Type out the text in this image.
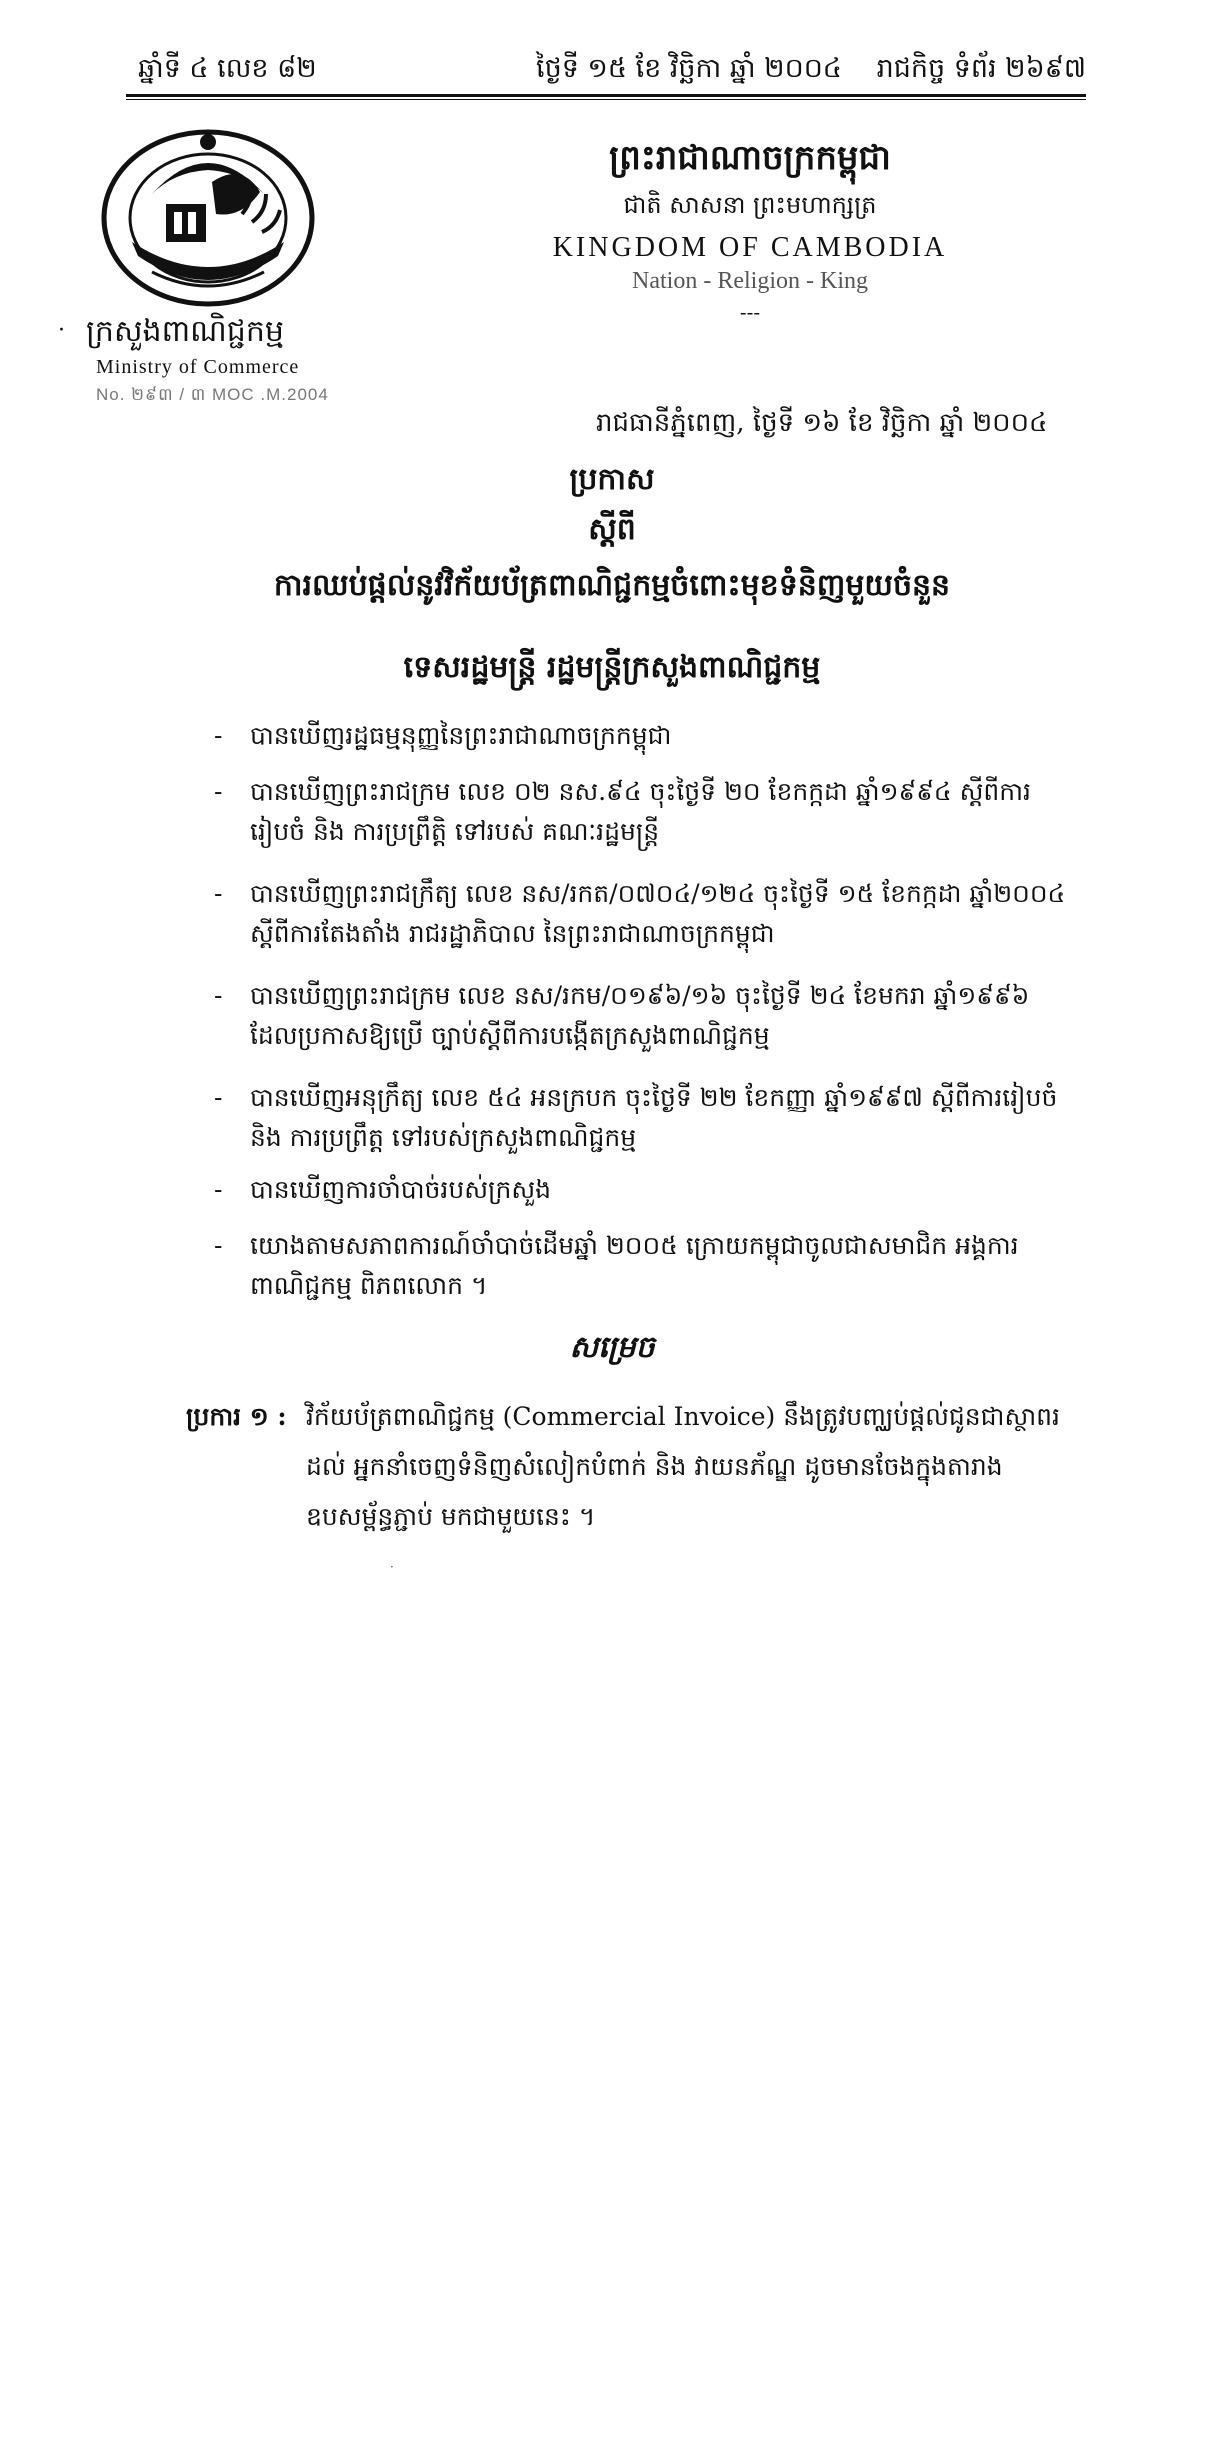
ឆ្នាំទី ៤ លេខ ៨២	ថ្ងៃទី ១៥ ខែ វិច្ឆិកា ឆ្នាំ ២០០៤ រាជកិច្ច ទំព័រ ២៦៩៧
· ក្រសួងពាណិជ្ជកម្ម
Ministry of Commerce
No. ២៩៣ / ៣ MOC .M.2004
ព្រះរាជាណាចក្រកម្ពុជា
ជាតិ សាសនា ព្រះមហាក្សត្រ
KINGDOM OF CAMBODIA
Nation - Religion - King
---
រាជធានីភ្នំពេញ, ថ្ងៃទី ១៦ ខែ វិច្ឆិកា ឆ្នាំ ២០០៤
ប្រកាស
ស្តីពី
ការឈប់ផ្តល់នូវវិក័យប័ត្រពាណិជ្ជកម្មចំពោះមុខទំនិញមួយចំនួន
ទេសរដ្ឋមន្ត្រី រដ្ឋមន្ត្រីក្រសួងពាណិជ្ជកម្ម
- បានឃើញរដ្ឋធម្មនុញ្ញនៃព្រះរាជាណាចក្រកម្ពុជា
- បានឃើញព្រះរាជក្រម លេខ ០២ នស.៩៤ ចុះថ្ងៃទី ២០ ខែកក្កដា ឆ្នាំ១៩៩៤ ស្តីពីការរៀបចំ និង ការប្រព្រឹត្តិ ទៅរបស់ គណៈរដ្ឋមន្ត្រី
- បានឃើញព្រះរាជក្រឹត្យ លេខ នស/រកត/០៧០៤/១២៤ ចុះថ្ងៃទី ១៥ ខែកក្កដា ឆ្នាំ២០០៤ ស្តីពីការតែងតាំង រាជរដ្ឋាភិបាល នៃព្រះរាជាណាចក្រកម្ពុជា
- បានឃើញព្រះរាជក្រម លេខ នស/រកម/០១៩៦/១៦ ចុះថ្ងៃទី ២៤ ខែមករា ឆ្នាំ១៩៩៦ ដែលប្រកាសឱ្យប្រើ ច្បាប់ស្តីពីការបង្កើតក្រសួងពាណិជ្ជកម្ម
- បានឃើញអនុក្រឹត្យ លេខ ៥៤ អនក្របក ចុះថ្ងៃទី ២២ ខែកញ្ញា ឆ្នាំ១៩៩៧ ស្តីពីការរៀបចំ និង ការប្រព្រឹត្ត ទៅរបស់ក្រសួងពាណិជ្ជកម្ម
- បានឃើញការចាំបាច់របស់ក្រសួង
- យោងតាមសភាពការណ៍ចាំបាច់ដើមឆ្នាំ ២០០៥ ក្រោយកម្ពុជាចូលជាសមាជិក អង្គការពាណិជ្ជកម្ម ពិភពលោក ។
សម្រេច
ប្រការ ១ : វិក័យប័ត្រពាណិជ្ជកម្ម (Commercial Invoice) នឹងត្រូវបញ្ឈប់ផ្តល់ជូនជាស្ថាពរដល់ អ្នកនាំចេញទំនិញសំលៀកបំពាក់ និង វាយនភ័ណ្ឌ ដូចមានចែងក្នុងតារាងឧបសម្ព័ន្ធភ្ជាប់ មកជាមួយនេះ ។
·
